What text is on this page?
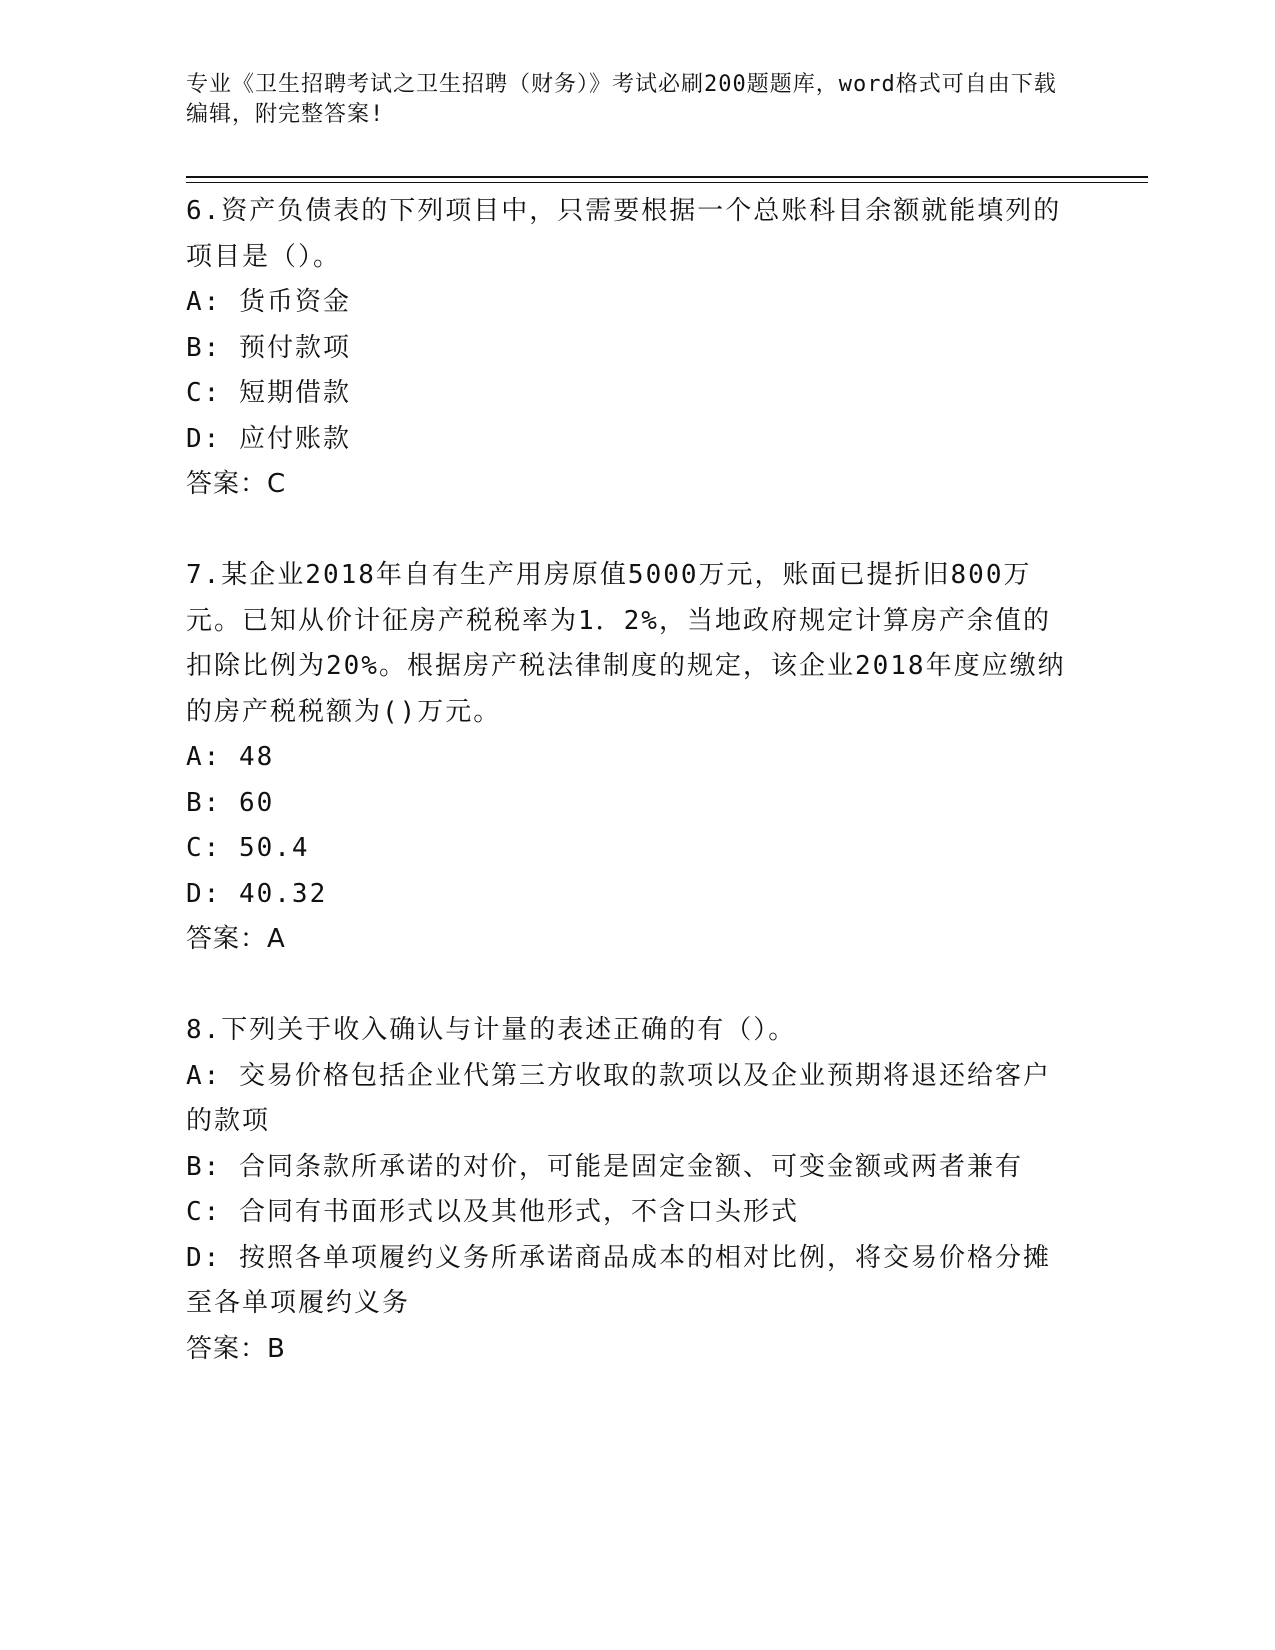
专业《卫生招聘考试之卫生招聘（财务）》考试必刷200题题库，word格式可自由下载编辑，附完整答案!

6.资产负债表的下列项目中，只需要根据一个总账科目余额就能填列的项目是（）。

A: 货币资金

B: 预付款项

C: 短期借款

D: 应付账款

答案：C

7.某企业2018年自有生产用房原值5000万元，账面已提折旧800万元。已知从价计征房产税税率为1．2%，当地政府规定计算房产余值的扣除比例为20%。根据房产税法律制度的规定，该企业2018年度应缴纳的房产税税额为()万元。

A: 48

B: 60

C: 50.4

D: 40.32

答案：A

8.下列关于收入确认与计量的表述正确的有（）。

A: 交易价格包括企业代第三方收取的款项以及企业预期将退还给客户的款项

B: 合同条款所承诺的对价，可能是固定金额、可变金额或两者兼有

C: 合同有书面形式以及其他形式，不含口头形式

D: 按照各单项履约义务所承诺商品成本的相对比例，将交易价格分摊至各单项履约义务

答案：B
